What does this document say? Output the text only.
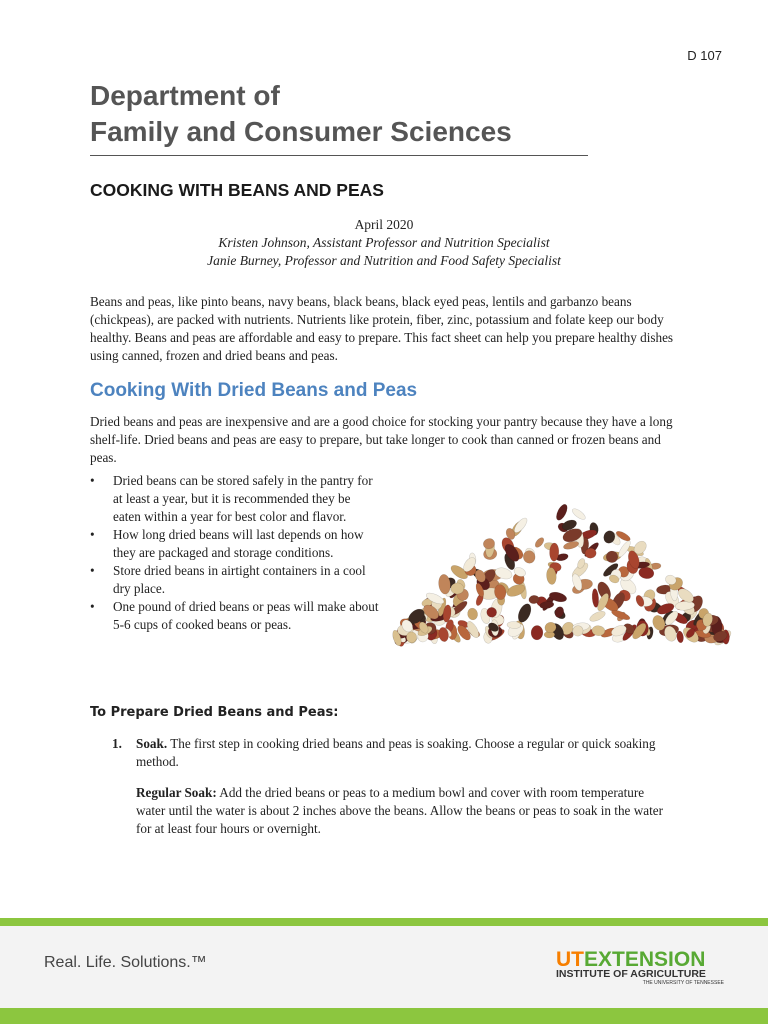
D 107
Department of
Family and Consumer Sciences
COOKING WITH BEANS AND PEAS
April 2020
Kristen Johnson, Assistant Professor and Nutrition Specialist
Janie Burney, Professor and Nutrition and Food Safety Specialist
Beans and peas, like pinto beans, navy beans, black beans, black eyed peas, lentils and garbanzo beans (chickpeas), are packed with nutrients. Nutrients like protein, fiber, zinc, potassium and folate keep our body healthy. Beans and peas are affordable and easy to prepare. This fact sheet can help you prepare healthy dishes using canned, frozen and dried beans and peas.
Cooking With Dried Beans and Peas
Dried beans and peas are inexpensive and are a good choice for stocking your pantry because they have a long shelf-life. Dried beans and peas are easy to prepare, but take longer to cook than canned or frozen beans and peas.
• Dried beans can be stored safely in the pantry for at least a year, but it is recommended they be eaten within a year for best color and flavor.
• How long dried beans will last depends on how they are packaged and storage conditions.
• Store dried beans in airtight containers in a cool dry place.
• One pound of dried beans or peas will make about 5-6 cups of cooked beans or peas.
To Prepare Dried Beans and Peas:
1. Soak. The first step in cooking dried beans and peas is soaking. Choose a regular or quick soaking method.
Regular Soak: Add the dried beans or peas to a medium bowl and cover with room temperature water until the water is about 2 inches above the beans. Allow the beans or peas to soak in the water for at least four hours or overnight.
Real. Life. Solutions.™	UT EXTENSION
INSTITUTE OF AGRICULTURE
THE UNIVERSITY OF TENNESSEE
